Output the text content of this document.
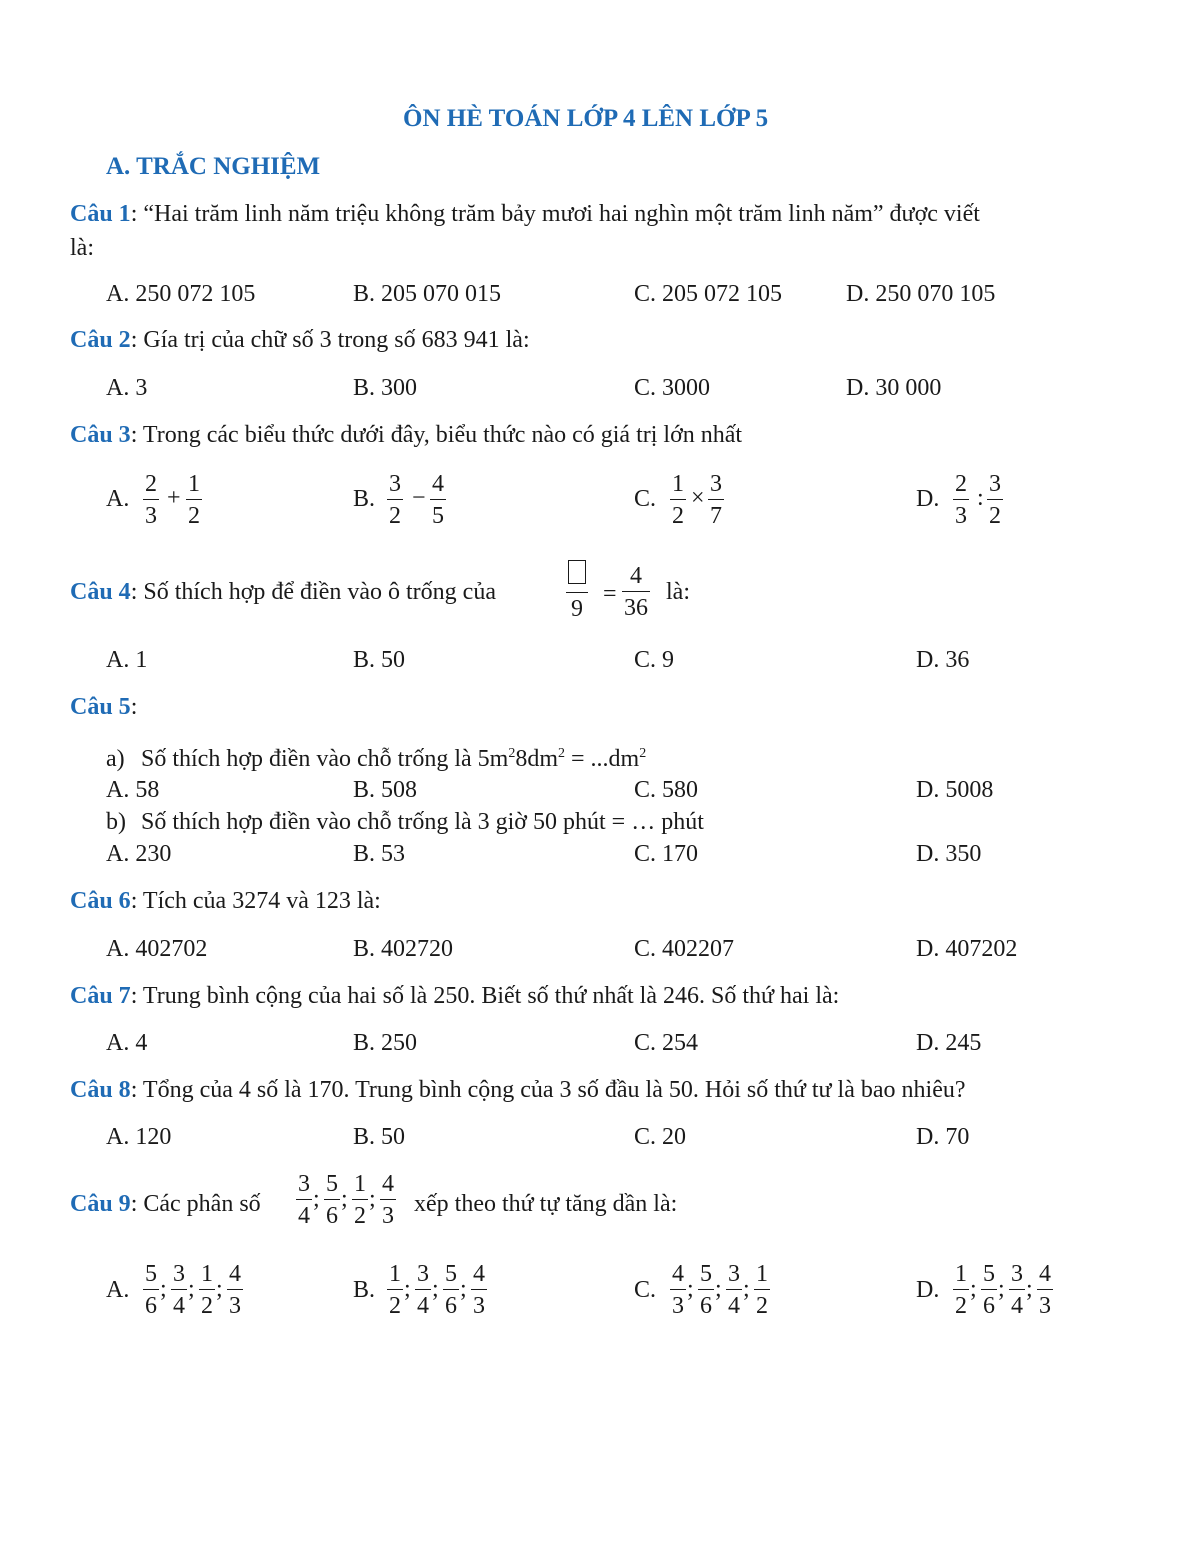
ÔN HÈ TOÁN LỚP 4 LÊN LỚP 5
A. TRẮC NGHIỆM
Câu 1: “Hai trăm linh năm triệu không trăm bảy mươi hai nghìn một trăm linh năm” được viết
là:
A. 250 072 105	B. 205 070 015	C. 205 072 105	D. 250 070 105
Câu 2: Gía trị của chữ số 3 trong số 683 941 là:
A. 3	B. 300	C. 3000	D. 30 000
Câu 3: Trong các biểu thức dưới đây, biểu thức nào có giá trị lớn nhất
A.
2
3
+
1
2
B.
3
2
−
4
5
C.
1
2
×
3
7
D.
2
3
:
3
2
Câu 4: Số thích hợp để điền vào ô trống của
9
=
4
36
là:
A. 1	B. 50	C. 9	D. 36
Câu 5:
a) Số thích hợp điền vào chỗ trống là $5m^28dm^2 = ...dm^2$
A. 58	B. 508	C. 580	D. 5008
b) Số thích hợp điền vào chỗ trống là 3 giờ 50 phút = … phút
A. 230	B. 53	C. 170	D. 350
Câu 6: Tích của 3274 và 123 là:
A. 402702	B. 402720	C. 402207	D. 407202
Câu 7: Trung bình cộng của hai số là 250. Biết số thứ nhất là 246. Số thứ hai là:
A. 4	B. 250	C. 254	D. 245
Câu 8: Tổng của 4 số là 170. Trung bình cộng của 3 số đầu là 50. Hỏi số thứ tư là bao nhiêu?
A. 120	B. 50	C. 20	D. 70
Câu 9: Các phân số
3
4
;
5
6
;
1
2
;
4
3 xếp theo thứ tự tăng dần là:
A.	B.	C.	D.
5
6
;
3
4
;
1
2
;
4
3
1
2
;
3
4
;
5
6
;
4
3
4
3
;
5
6
;
3
4
;
1
2
1
2
;
5
6
;
3
4
;
4
3
